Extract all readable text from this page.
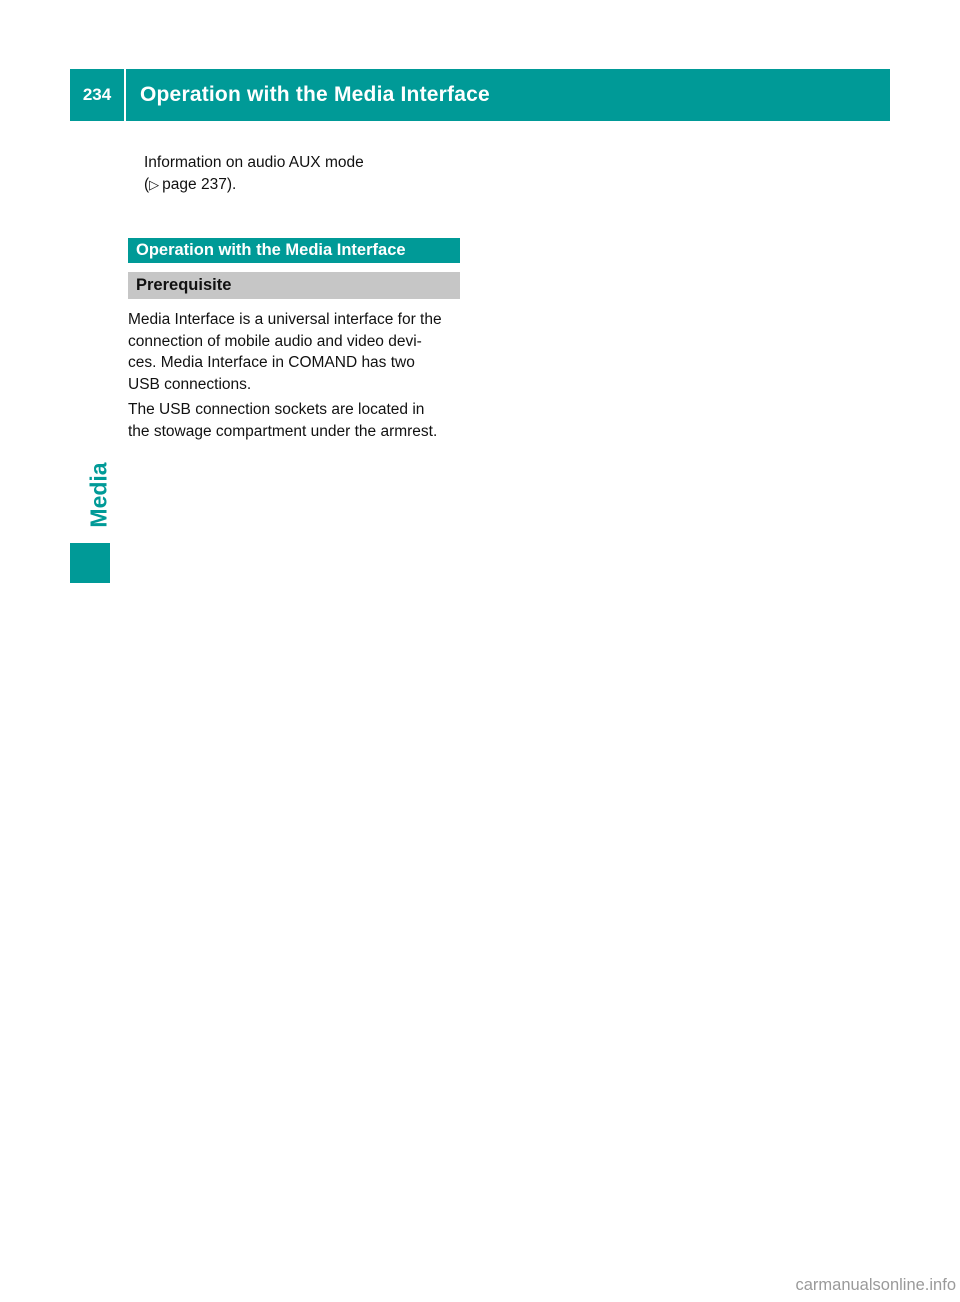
234	Operation with the Media Interface
Media

Information on audio AUX mode
(▷ page 237).

Operation with the Media Interface
Prerequisite

Media Interface is a universal interface for the
connection of mobile audio and video devi-
ces. Media Interface in COMAND has two
USB connections.

The USB connection sockets are located in
the stowage compartment under the armrest.

carmanualsonline.info
